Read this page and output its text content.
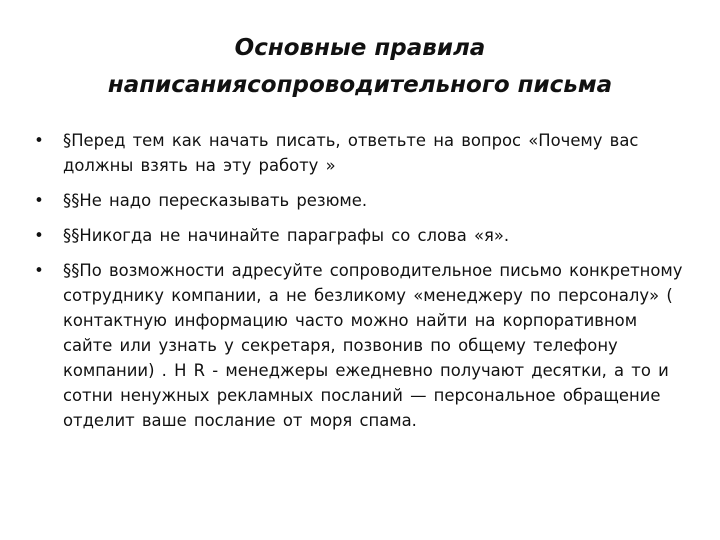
Основные правила
написаниясопроводительного письма
• §Перед тем как начать писать, ответьте на вопрос «Почему вас должны взять на эту работу »
• §§Не надо пересказывать резюме.
• §§Никогда не начинайте параграфы со слова «я».
• §§По возможности адресуйте сопроводительное письмо конкретному сотруднику компании, а не безликому «менеджеру по персоналу» ( контактную информацию часто можно найти на корпоративном сайте или узнать у секретаря, позвонив по общему телефону компании) . H R - менеджеры ежедневно получают десятки, а то и сотни ненужных рекламных посланий — персональное обращение отделит ваше послание от моря спама.
